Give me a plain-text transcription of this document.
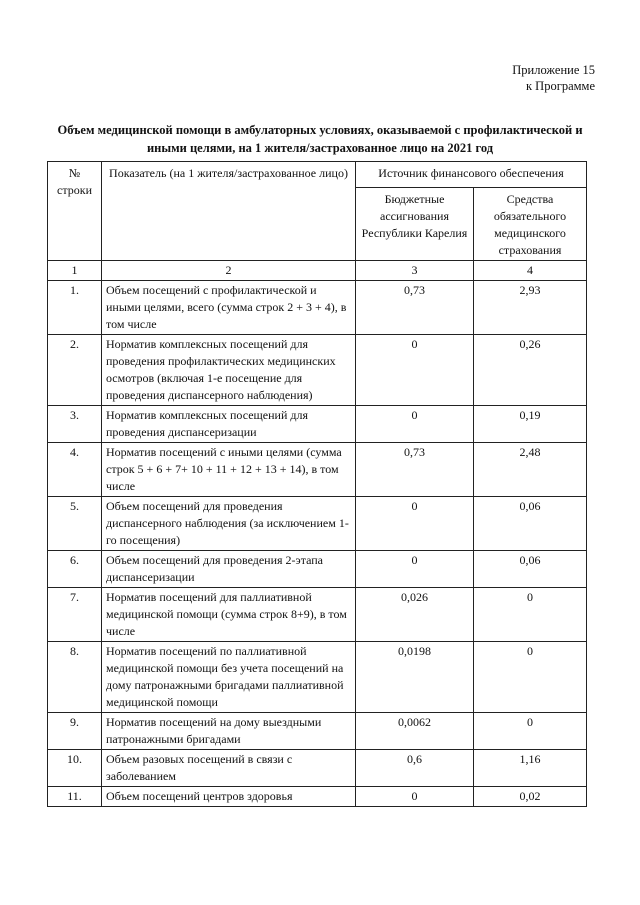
Приложение 15
к Программе
Объем медицинской помощи в амбулаторных условиях, оказываемой с профилактической и иными целями, на 1 жителя/застрахованное лицо на 2021 год
№ строки	Показатель (на 1 жителя/застрахованное лицо)	Источник финансового обеспечения	
		Бюджетные ассигнования Республики Карелия	Средства обязательного медицинского страхования
1	2	3	4
1.	Объем посещений с профилактической и иными целями, всего (сумма строк 2 + 3 + 4), в том числе	0,73	2,93
2.	Норматив комплексных посещений для проведения профилактических медицинских осмотров (включая 1-е посещение для проведения диспансерного наблюдения)	0	0,26
3.	Норматив комплексных посещений для проведения диспансеризации	0	0,19
4.	Норматив посещений с иными целями (сумма строк 5 + 6 + 7+ 10 + 11 + 12 + 13 + 14), в том числе	0,73	2,48
5.	Объем посещений для проведения диспансерного наблюдения (за исключением 1-го посещения)	0	0,06
6.	Объем посещений для проведения 2-этапа диспансеризации	0	0,06
7.	Норматив посещений для паллиативной медицинской помощи (сумма строк 8+9), в том числе	0,026	0
8.	Норматив посещений по паллиативной медицинской помощи без учета посещений на дому патронажными бригадами паллиативной медицинской помощи	0,0198	0
9.	Норматив посещений на дому выездными патронажными бригадами	0,0062	0
10.	Объем разовых посещений в связи с заболеванием	0,6	1,16
11.	Объем посещений центров здоровья	0	0,02
